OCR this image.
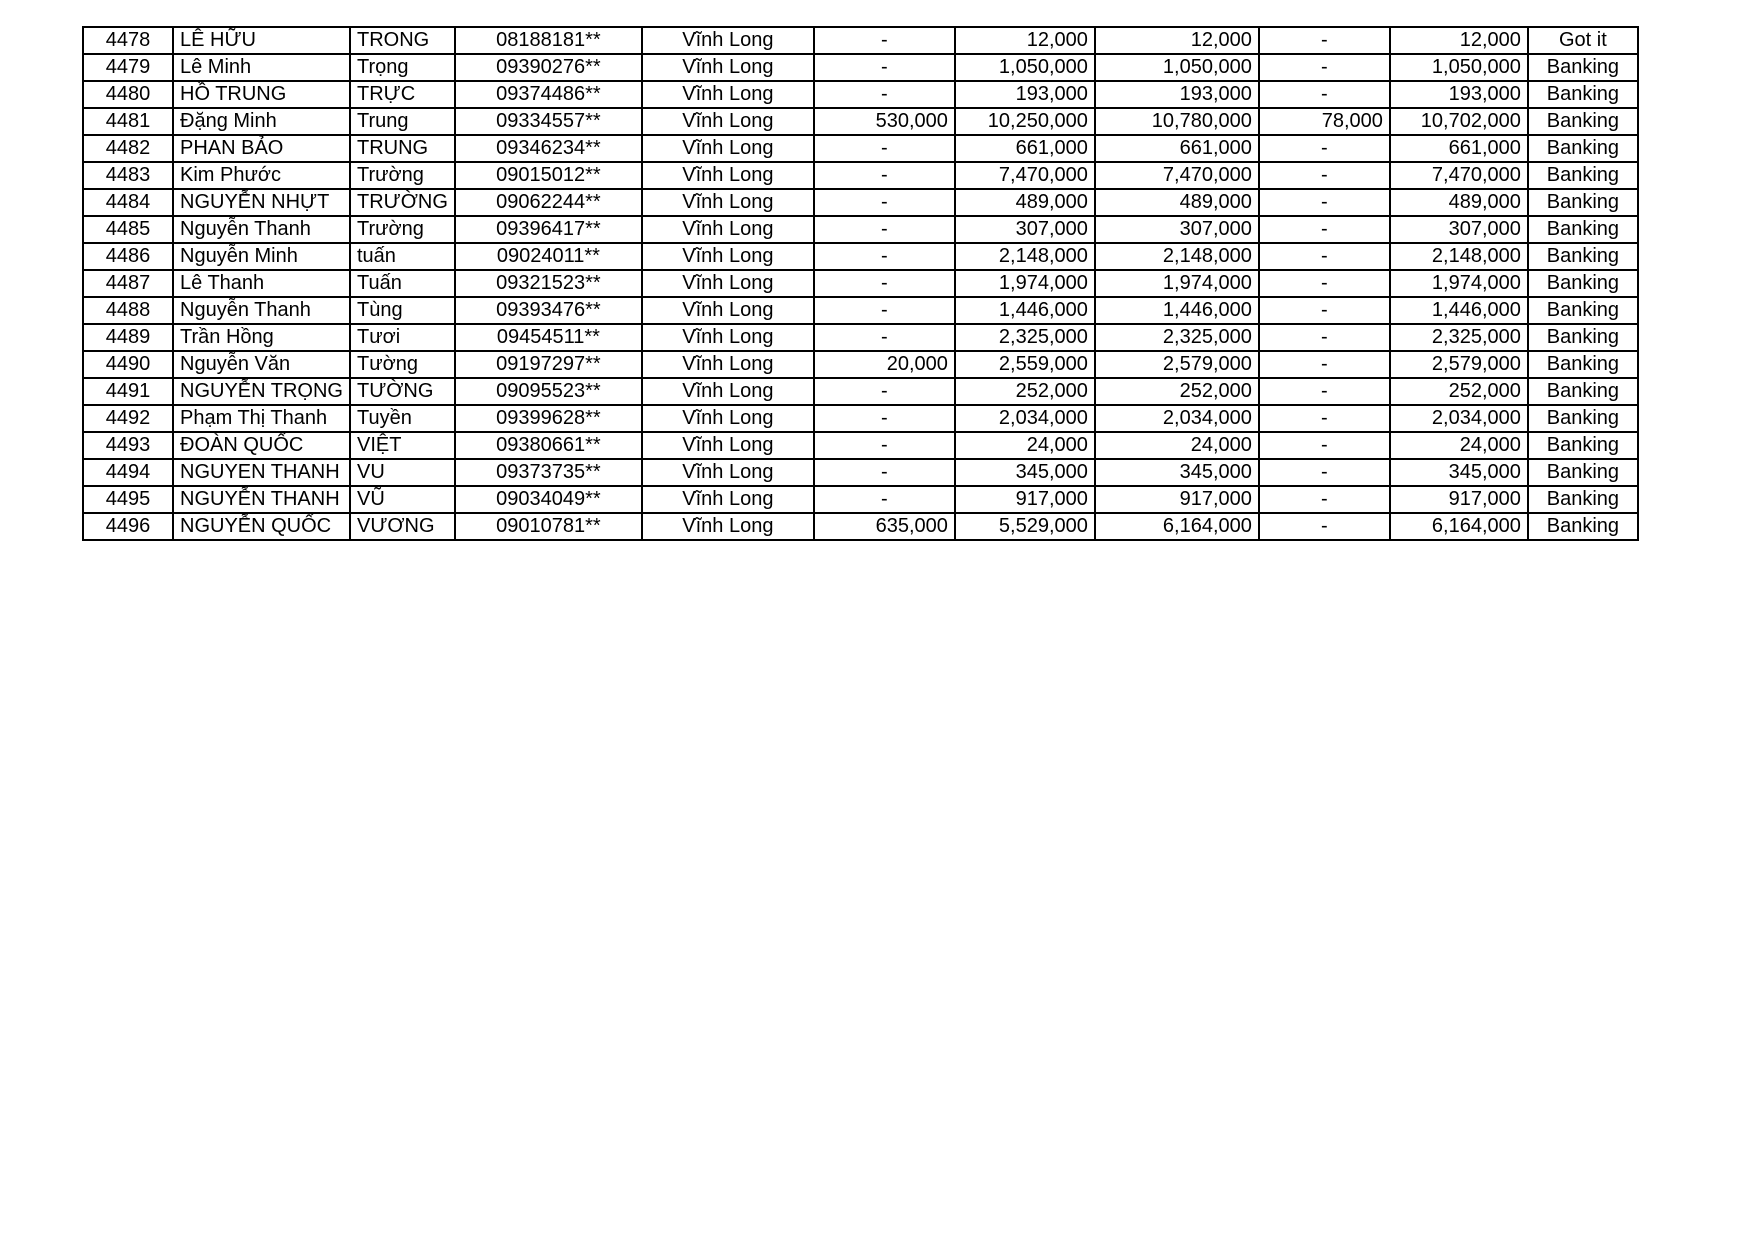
4478	LÊ HỮU	TRONG	08188181**	Vĩnh Long	-	12,000	12,000	-	12,000	Got it
4479	Lê Minh	Trọng	09390276**	Vĩnh Long	-	1,050,000	1,050,000	-	1,050,000	Banking
4480	HỒ TRUNG	TRỰC	09374486**	Vĩnh Long	-	193,000	193,000	-	193,000	Banking
4481	Đặng Minh	Trung	09334557**	Vĩnh Long	530,000	10,250,000	10,780,000	78,000	10,702,000	Banking
4482	PHAN BẢO	TRUNG	09346234**	Vĩnh Long	-	661,000	661,000	-	661,000	Banking
4483	Kim Phước	Trường	09015012**	Vĩnh Long	-	7,470,000	7,470,000	-	7,470,000	Banking
4484	NGUYỄN NHỰT	TRƯỜNG	09062244**	Vĩnh Long	-	489,000	489,000	-	489,000	Banking
4485	Nguyễn Thanh	Trường	09396417**	Vĩnh Long	-	307,000	307,000	-	307,000	Banking
4486	Nguyễn Minh	tuấn	09024011**	Vĩnh Long	-	2,148,000	2,148,000	-	2,148,000	Banking
4487	Lê Thanh	Tuấn	09321523**	Vĩnh Long	-	1,974,000	1,974,000	-	1,974,000	Banking
4488	Nguyễn Thanh	Tùng	09393476**	Vĩnh Long	-	1,446,000	1,446,000	-	1,446,000	Banking
4489	Trần Hồng	Tươi	09454511**	Vĩnh Long	-	2,325,000	2,325,000	-	2,325,000	Banking
4490	Nguyễn Văn	Tường	09197297**	Vĩnh Long	20,000	2,559,000	2,579,000	-	2,579,000	Banking
4491	NGUYỄN TRỌNG	TƯỜNG	09095523**	Vĩnh Long	-	252,000	252,000	-	252,000	Banking
4492	Phạm Thị Thanh	Tuyền	09399628**	Vĩnh Long	-	2,034,000	2,034,000	-	2,034,000	Banking
4493	ĐOÀN QUỐC	VIỆT	09380661**	Vĩnh Long	-	24,000	24,000	-	24,000	Banking
4494	NGUYEN THANH	VU	09373735**	Vĩnh Long	-	345,000	345,000	-	345,000	Banking
4495	NGUYỄN THANH	VŨ	09034049**	Vĩnh Long	-	917,000	917,000	-	917,000	Banking
4496	NGUYỄN QUỐC	VƯƠNG	09010781**	Vĩnh Long	635,000	5,529,000	6,164,000	-	6,164,000	Banking
